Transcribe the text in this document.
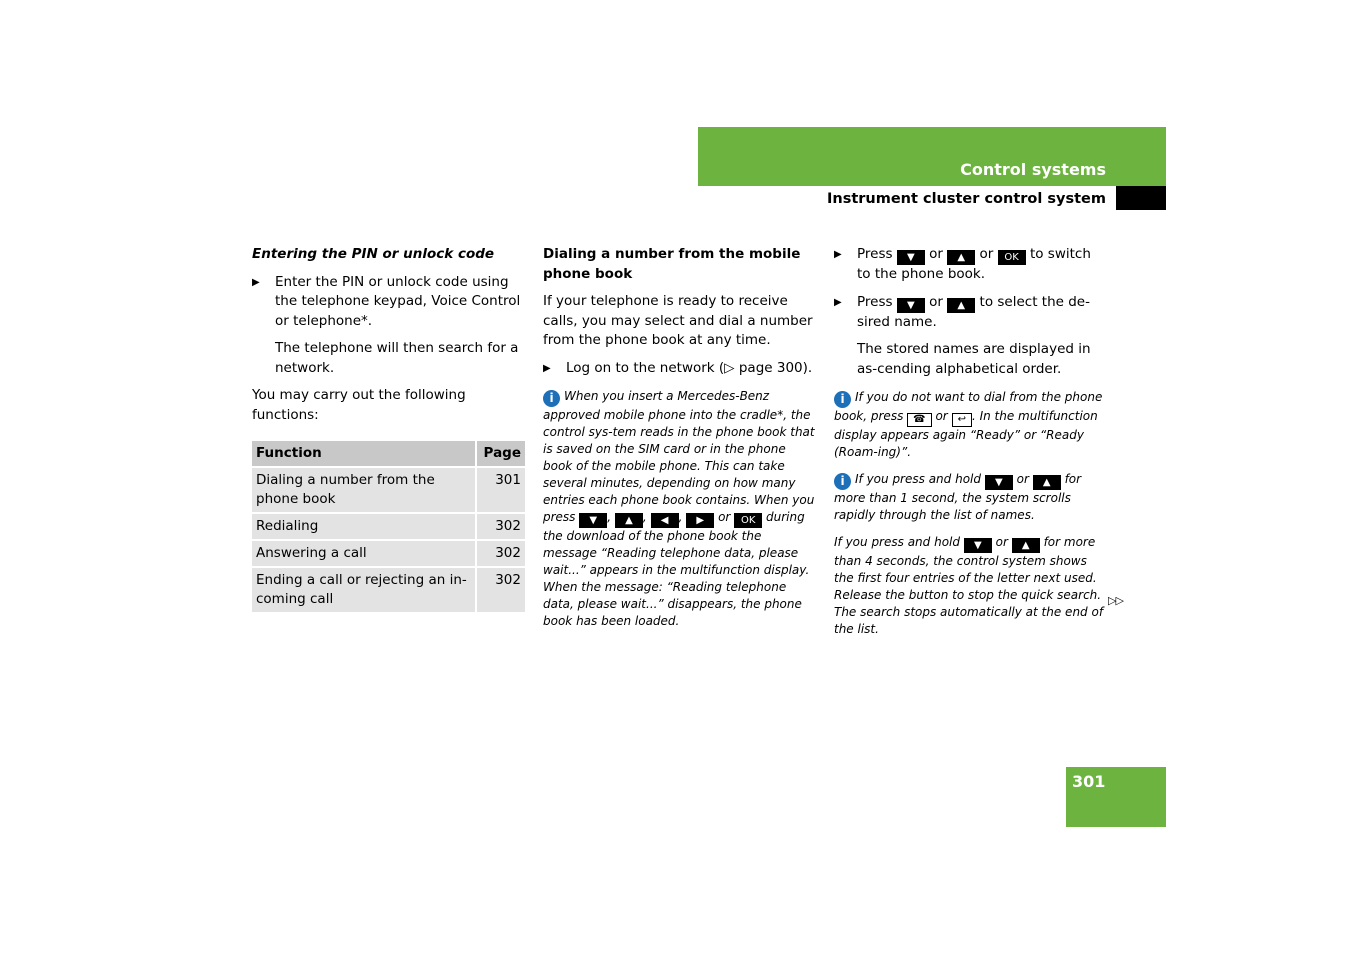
Control systems
Instrument cluster control system
Entering the PIN or unlock code
▶ Enter the PIN or unlock code using the telephone keypad, Voice Control or telephone*.

The telephone will then search for a network.

You may carry out the following functions:

Function	Page
Dialing a number from the phone book	301
Redialing	302
Answering a call	302
Ending a call or rejecting an in-coming call	302
Dialing a number from the mobile phone book

If your telephone is ready to receive calls, you may select and dial a number from the phone book at any time.

▶ Log on to the network (▷ page 300).
i When you insert a Mercedes-Benz approved mobile phone into the cradle*, the control sys-tem reads in the phone book that is saved on the SIM card or in the phone book of the mobile phone. This can take several minutes, depending on how many entries each phone book contains. When you press ▼ , ▲ , ◀ , ▶ or OK during the download of the phone book the message “Reading telephone data, please wait...” appears in the multifunction display. When the message: “Reading telephone data, please wait...” disappears, the phone book has been loaded.
▶ Press ▼ or ▲ or OK to switch to the phone book.
▶ Press ▼ or ▲ to select the de-sired name.

The stored names are displayed in as-cending alphabetical order.

i If you do not want to dial from the phone book, press ☎ or ↩ . In the multifunction display appears again “Ready” or “Ready (Roam-ing)”.
i If you press and hold ▼ or ▲ for more than 1 second, the system scrolls rapidly through the list of names.
If you press and hold ▼ or ▲ for more than 4 seconds, the control system shows the first four entries of the letter next used. Release the button to stop the quick search. The search stops automatically at the end of the list.
▷▷
301
